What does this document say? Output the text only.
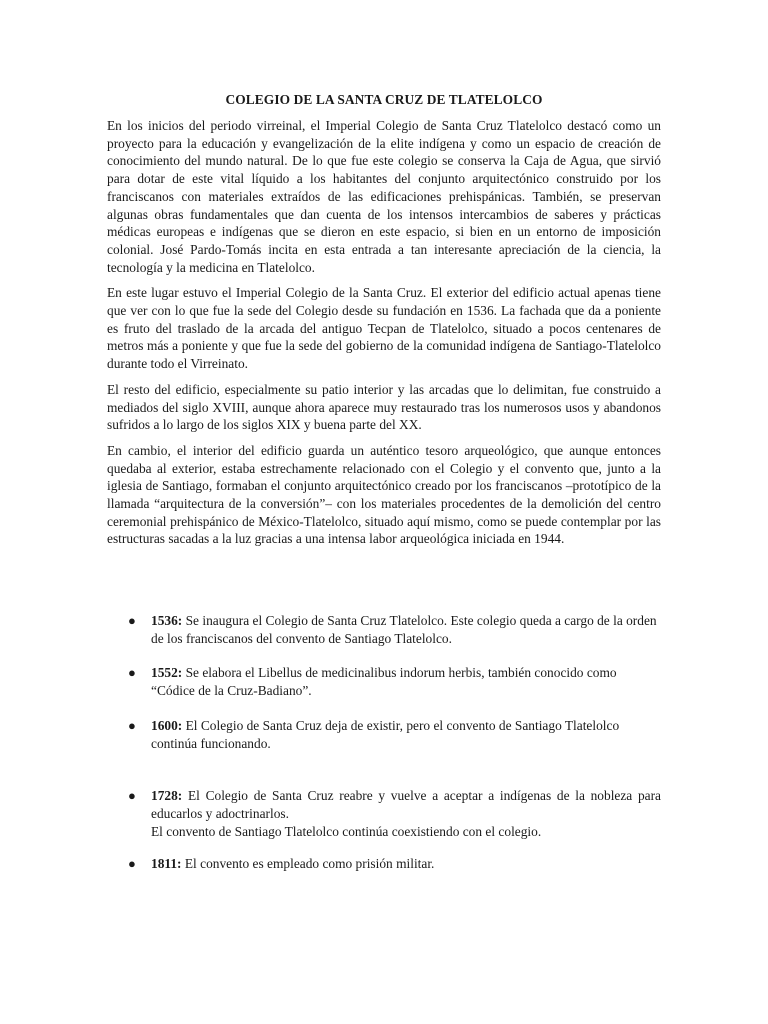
COLEGIO DE LA SANTA CRUZ DE TLATELOLCO

En los inicios del periodo virreinal, el Imperial Colegio de Santa Cruz Tlatelolco destacó como un proyecto para la educación y evangelización de la elite indígena y como un espacio de creación de conocimiento del mundo natural. De lo que fue este colegio se conserva la Caja de Agua, que sirvió para dotar de este vital líquido a los habitantes del conjunto arquitectónico construido por los franciscanos con materiales extraídos de las edificaciones prehispánicas. También, se preservan algunas obras fundamentales que dan cuenta de los intensos intercambios de saberes y prácticas médicas europeas e indígenas que se dieron en este espacio, si bien en un entorno de imposición colonial. José Pardo-Tomás incita en esta entrada a tan interesante apreciación de la ciencia, la tecnología y la medicina en Tlatelolco.

En este lugar estuvo el Imperial Colegio de la Santa Cruz. El exterior del edificio actual apenas tiene que ver con lo que fue la sede del Colegio desde su fundación en 1536. La fachada que da a poniente es fruto del traslado de la arcada del antiguo Tecpan de Tlatelolco, situado a pocos centenares de metros más a poniente y que fue la sede del gobierno de la comunidad indígena de Santiago-Tlatelolco durante todo el Virreinato.

El resto del edificio, especialmente su patio interior y las arcadas que lo delimitan, fue construido a mediados del siglo XVIII, aunque ahora aparece muy restaurado tras los numerosos usos y abandonos sufridos a lo largo de los siglos XIX y buena parte del XX.

En cambio, el interior del edificio guarda un auténtico tesoro arqueológico, que aunque entonces quedaba al exterior, estaba estrechamente relacionado con el Colegio y el convento que, junto a la iglesia de Santiago, formaban el conjunto arquitectónico creado por los franciscanos –prototípico de la llamada “arquitectura de la conversión”– con los materiales procedentes de la demolición del centro ceremonial prehispánico de México-Tlatelolco, situado aquí mismo, como se puede contemplar por las estructuras sacadas a la luz gracias a una intensa labor arqueológica iniciada en 1944.

● 1536: Se inaugura el Colegio de Santa Cruz Tlatelolco. Este colegio queda a cargo de la orden de los franciscanos del convento de Santiago Tlatelolco.
● 1552: Se elabora el Libellus de medicinalibus indorum herbis, también conocido como “Códice de la Cruz-Badiano”.
● 1600: El Colegio de Santa Cruz deja de existir, pero el convento de Santiago Tlatelolco continúa funcionando.
● 1728: El Colegio de Santa Cruz reabre y vuelve a aceptar a indígenas de la nobleza para educarlos y adoctrinarlos.
El convento de Santiago Tlatelolco continúa coexistiendo con el colegio.
● 1811: El convento es empleado como prisión militar.
